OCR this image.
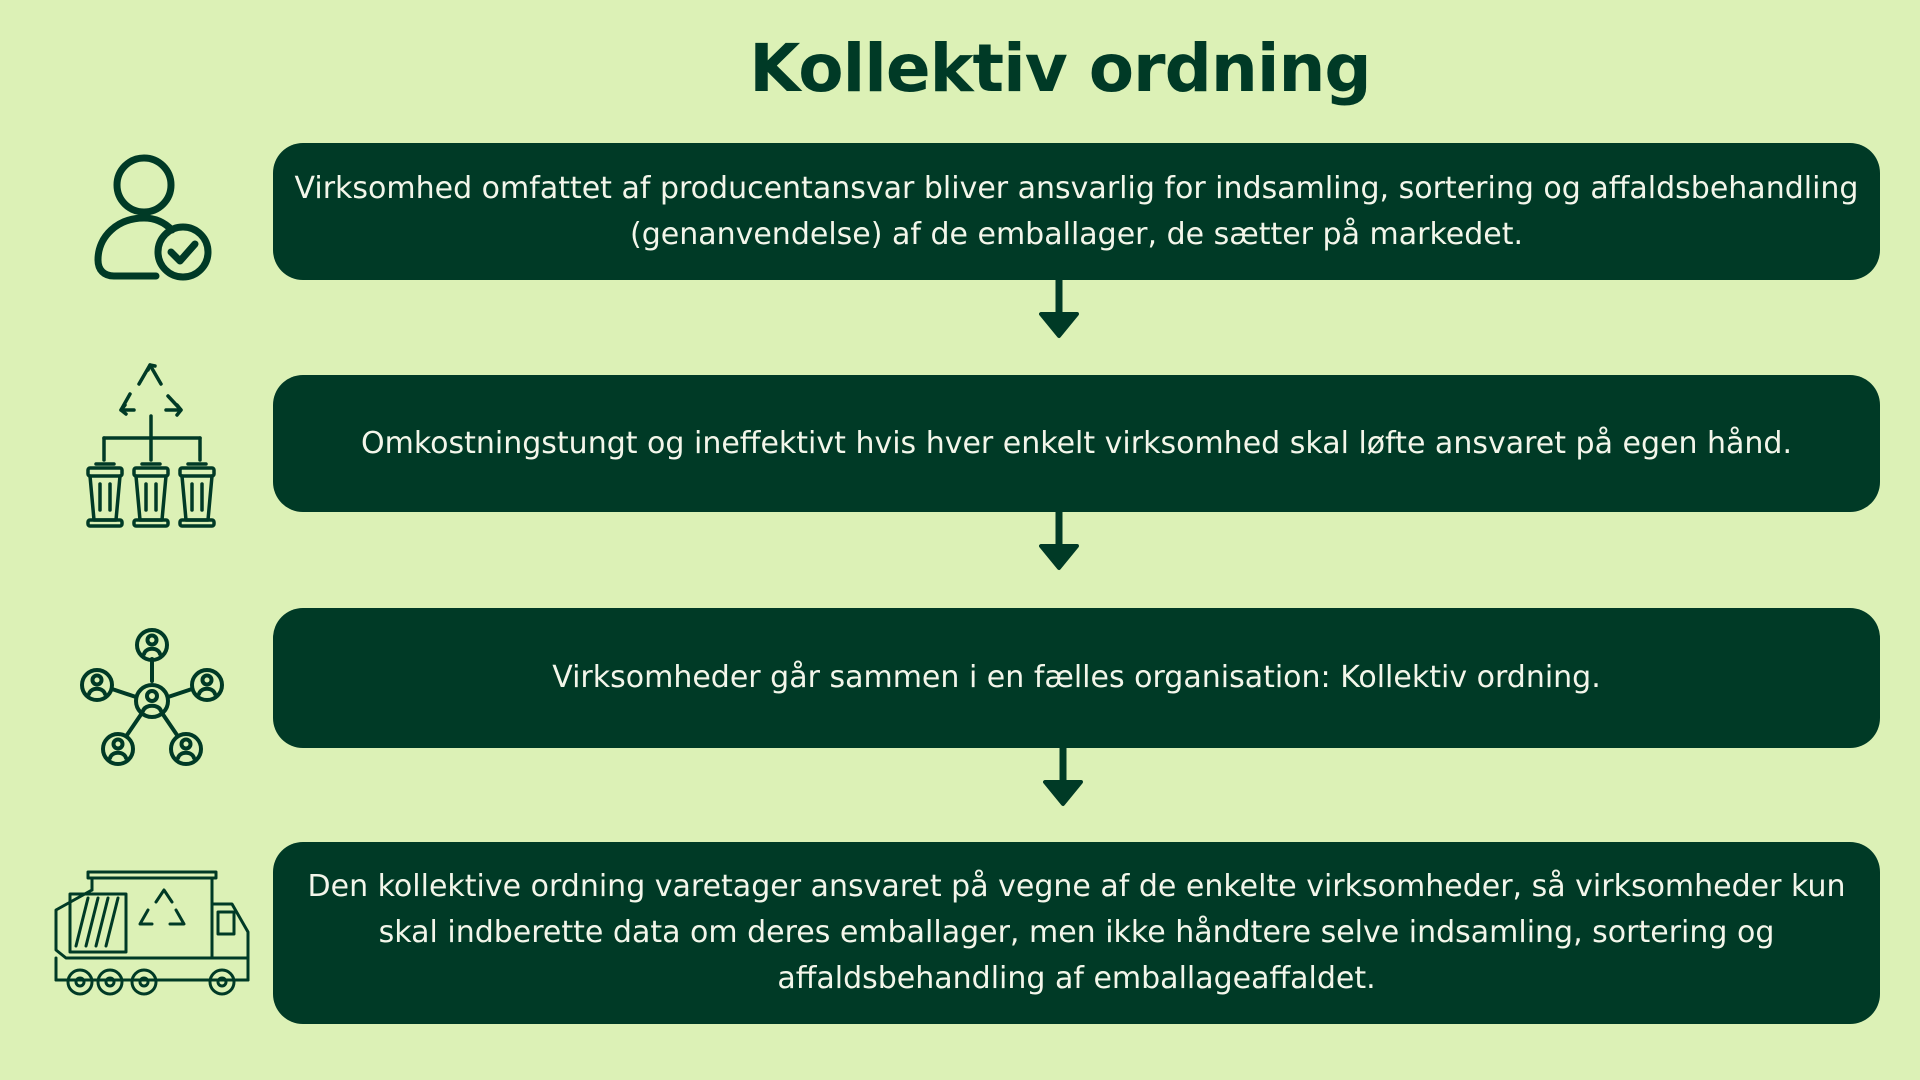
Kollektiv ordning
Virksomhed omfattet af producentansvar bliver ansvarlig for indsamling, sortering og affaldsbehandling (genanvendelse) af de emballager, de sætter på markedet.
Omkostningstungt og ineffektivt hvis hver enkelt virksomhed skal løfte ansvaret på egen hånd.
Virksomheder går sammen i en fælles organisation: Kollektiv ordning.
Den kollektive ordning varetager ansvaret på vegne af de enkelte virksomheder, så virksomheder kun skal indberette data om deres emballager, men ikke håndtere selve indsamling, sortering og affaldsbehandling af emballageaffaldet.
